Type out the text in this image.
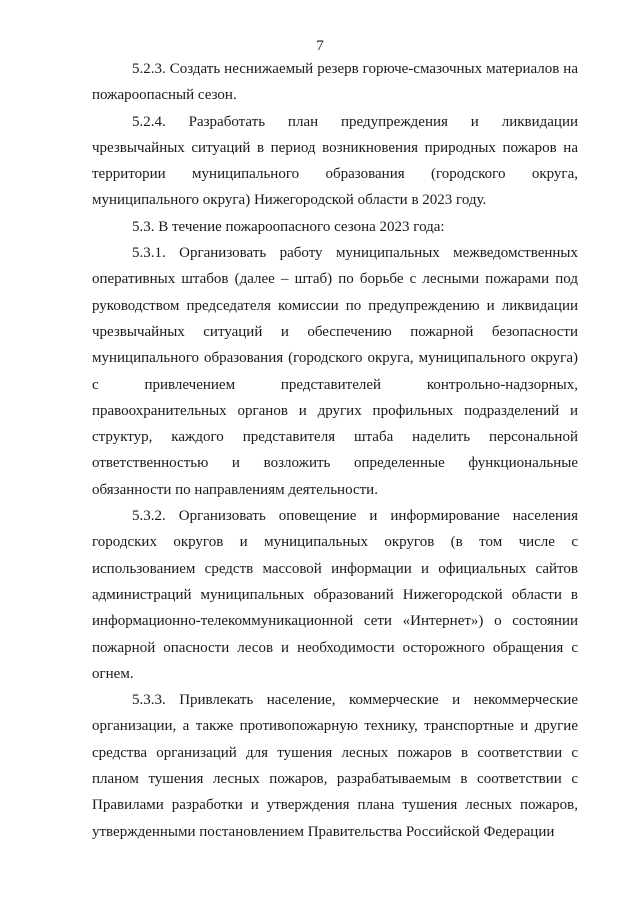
7

5.2.3. Создать неснижаемый резерв горюче-смазочных материалов на пожароопасный сезон.

5.2.4. Разработать план предупреждения и ликвидации чрезвычайных ситуаций в период возникновения природных пожаров на территории муниципального образования (городского округа, муниципального округа) Нижегородской области в 2023 году.

5.3. В течение пожароопасного сезона 2023 года:

5.3.1. Организовать работу муниципальных межведомственных оперативных штабов (далее – штаб) по борьбе с лесными пожарами под руководством председателя комиссии по предупреждению и ликвидации чрезвычайных ситуаций и обеспечению пожарной безопасности муниципального образования (городского округа, муниципального округа) с привлечением представителей контрольно-надзорных, правоохранительных органов и других профильных подразделений и структур, каждого представителя штаба наделить персональной ответственностью и возложить определенные функциональные обязанности по направлениям деятельности.

5.3.2. Организовать оповещение и информирование населения городских округов и муниципальных округов (в том числе с использованием средств массовой информации и официальных сайтов администраций муниципальных образований Нижегородской области в информационно-телекоммуникационной сети «Интернет») о состоянии пожарной опасности лесов и необходимости осторожного обращения с огнем.

5.3.3. Привлекать население, коммерческие и некоммерческие организации, а также противопожарную технику, транспортные и другие средства организаций для тушения лесных пожаров в соответствии с планом тушения лесных пожаров, разрабатываемым в соответствии с Правилами разработки и утверждения плана тушения лесных пожаров, утвержденными постановлением Правительства Российской Федерации
